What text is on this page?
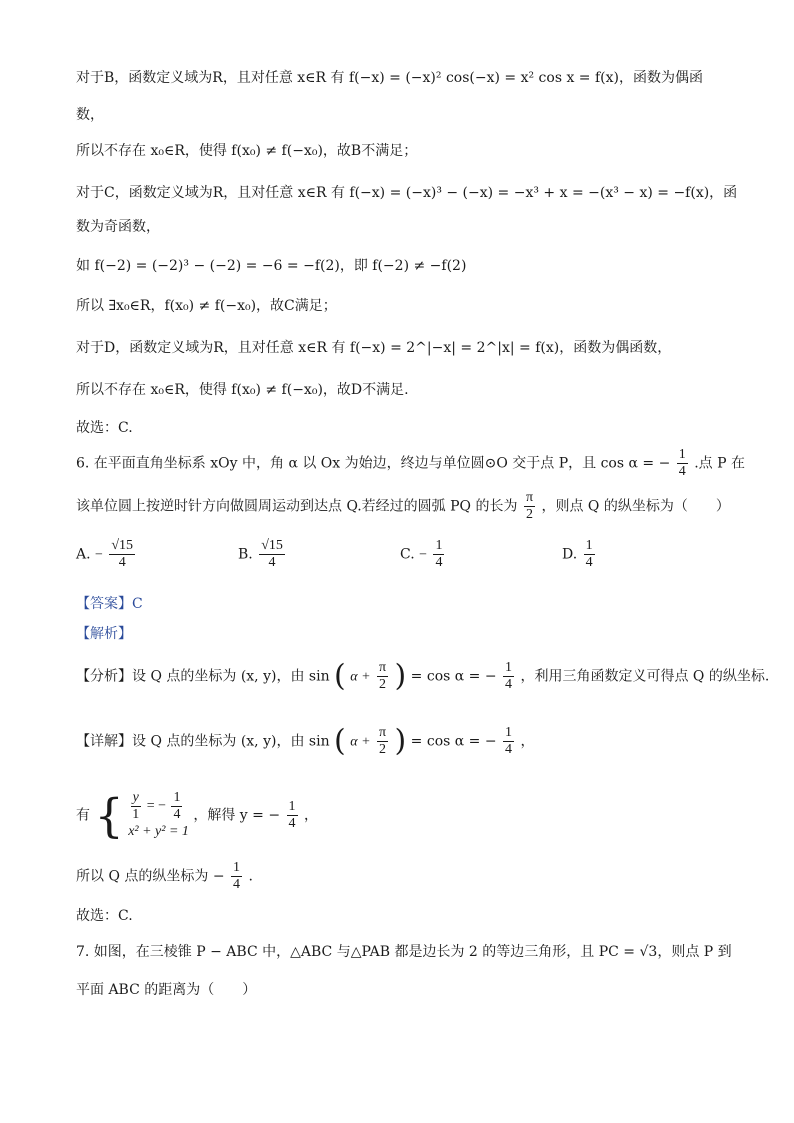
对于B，函数定义域为R，且对任意 x∈R 有 f(−x) = (−x)² cos(−x) = x² cos x = f(x)，函数为偶函
数，
所以不存在 x₀∈R，使得 f(x₀) ≠ f(−x₀)，故B不满足；
对于C，函数定义域为R，且对任意 x∈R 有 f(−x) = (−x)³ − (−x) = −x³ + x = −(x³ − x) = −f(x)，函
数为奇函数，
如 f(−2) = (−2)³ − (−2) = −6 = −f(2)，即 f(−2) ≠ −f(2)
所以 ∃x₀∈R，f(x₀) ≠ f(−x₀)，故C满足；
对于D，函数定义域为R，且对任意 x∈R 有 f(−x) = 2^|−x| = 2^|x| = f(x)，函数为偶函数，
所以不存在 x₀∈R，使得 f(x₀) ≠ f(−x₀)，故D不满足.
故选：C.
6. 在平面直角坐标系 xOy 中，角 α 以 Ox 为始边，终边与单位圆⊙O 交于点 P，且 cos α = − $\frac{1}{4}$ .点 P 在
该单位圆上按逆时针方向做圆周运动到达点 Q.若经过的圆弧 PQ 的长为 $\frac{\pi}{2}$ ，则点 Q 的纵坐标为（　　）
A. − $\frac{√15}{4}$	B. $\frac{√15}{4}$	C. − $\frac{1}{4}$	D. $\frac{1}{4}$
【答案】C
【解析】
【分析】设 Q 点的坐标为 (x, y)，由 sin ( $\alpha + \frac{\pi}{2}$ ) = cos α = − $\frac{1}{4}$ ，利用三角函数定义可得点 Q 的纵坐标.
【详解】设 Q 点的坐标为 (x, y)，由 sin ( $\alpha + \frac{\pi}{2}$ ) = cos α = − $\frac{1}{4}$ ，
有 { $\frac{y}{1}$ = − $\frac{1}{4}$
x² + y² = 1
，解得 y = − $\frac{1}{4}$ ，
所以 Q 点的纵坐标为 − $\frac{1}{4}$ .
故选：C.
7. 如图，在三棱锥 P − ABC 中，△ABC 与△PAB 都是边长为 2 的等边三角形，且 PC = √3，则点 P 到
平面 ABC 的距离为（　　）
